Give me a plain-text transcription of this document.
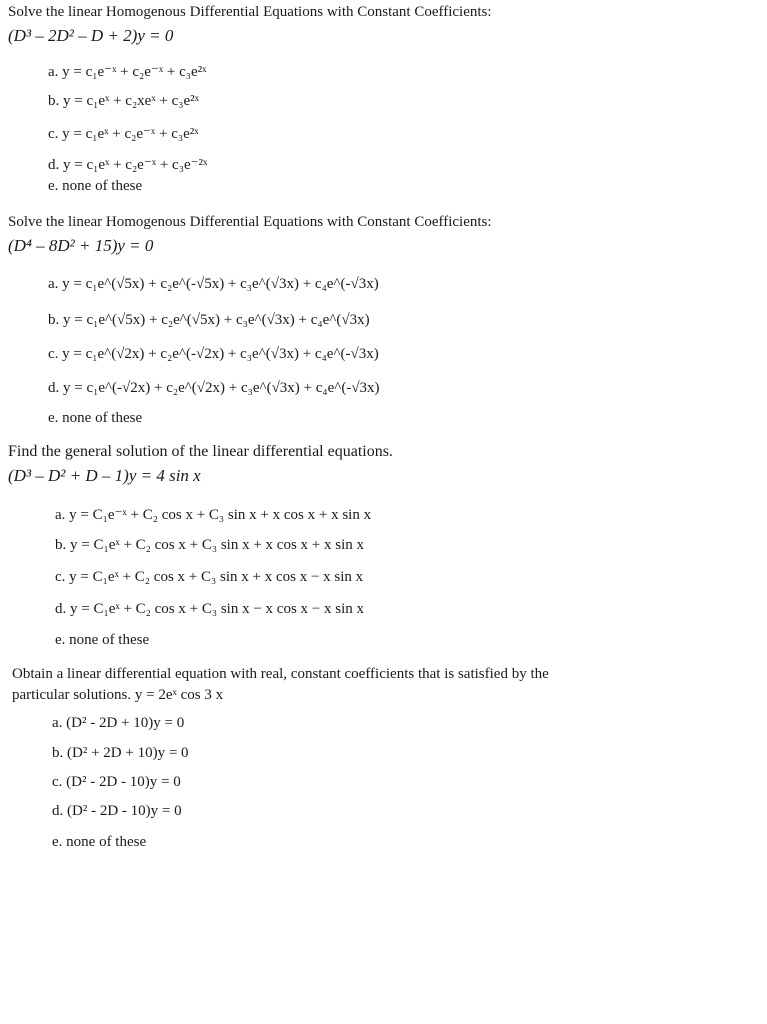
Solve the linear Homogenous Differential Equations with Constant Coefficients:
(D³ – 2D² – D + 2)y = 0
a. y = c₁e⁻ˣ + c₂e⁻ˣ + c₃e²ˣ
b. y = c₁eˣ + c₂xeˣ + c₃e²ˣ
c. y = c₁eˣ + c₂e⁻ˣ + c₃e²ˣ
d. y = c₁eˣ + c₂e⁻ˣ + c₃e⁻²ˣ
e. none of these
Solve the linear Homogenous Differential Equations with Constant Coefficients:
(D⁴ – 8D² + 15)y = 0
a. y = c₁e^(√5x) + c₂e^(-√5x) + c₃e^(√3x) + c₄e^(-√3x)
b. y = c₁e^(√5x) + c₂e^(√5x) + c₃e^(√3x) + c₄e^(√3x)
c. y = c₁e^(√2x) + c₂e^(-√2x) + c₃e^(√3x) + c₄e^(-√3x)
d. y = c₁e^(-√2x) + c₂e^(√2x) + c₃e^(√3x) + c₄e^(-√3x)
e. none of these
Find the general solution of the linear differential equations.
(D³ – D² + D – 1)y = 4 sin x
a. y = C₁e⁻ˣ + C₂ cos x + C₃ sin x + x cos x + x sin x
b. y = C₁eˣ + C₂ cos x + C₃ sin x + x cos x + x sin x
c. y = C₁eˣ + C₂ cos x + C₃ sin x + x cos x − x sin x
d. y = C₁eˣ + C₂ cos x + C₃ sin x − x cos x − x sin x
e. none of these
Obtain a linear differential equation with real, constant coefficients that is satisfied by the particular solutions. y = 2eˣ cos 3 x
a. (D² - 2D + 10)y = 0
b. (D² + 2D + 10)y = 0
c. (D² - 2D - 10)y = 0
d. (D² - 2D - 10)y = 0
e. none of these
